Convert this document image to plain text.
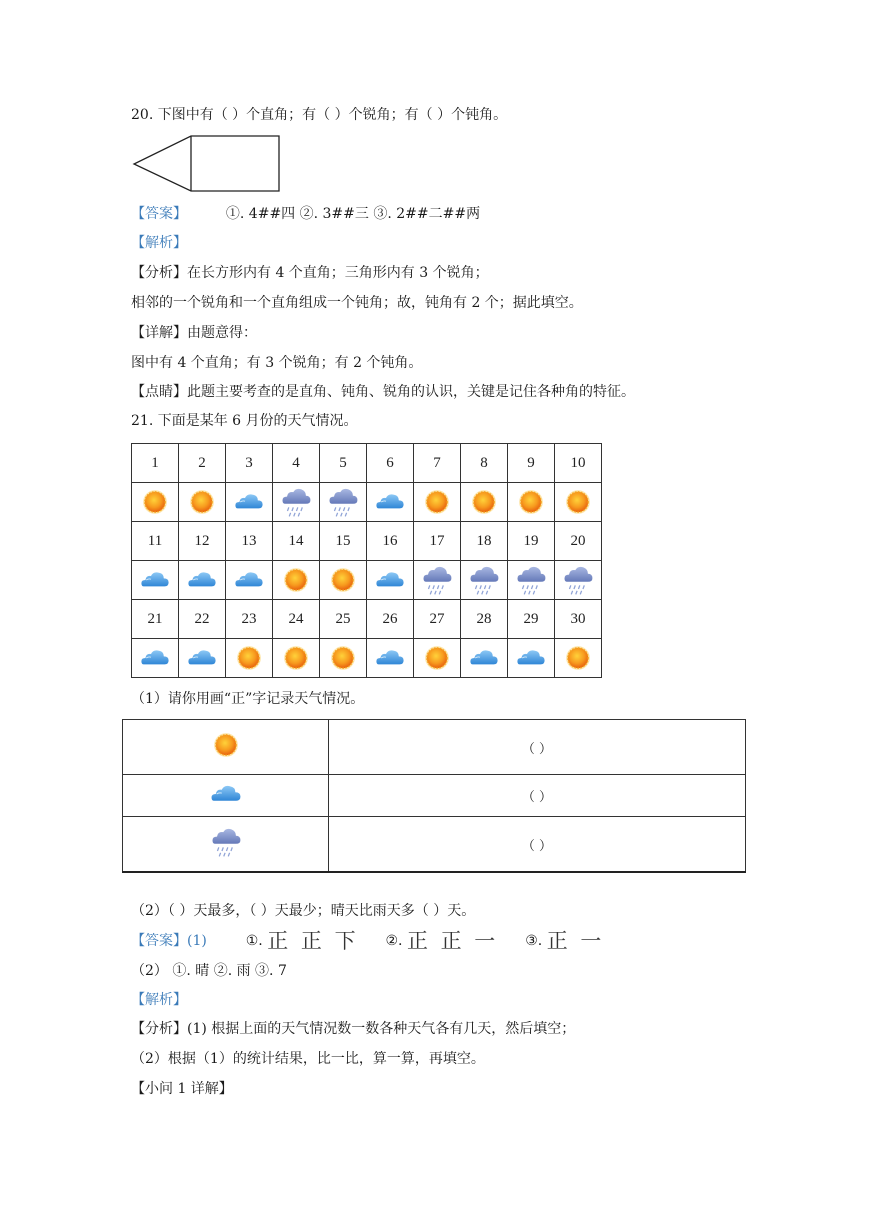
20. 下图中有（ ）个直角；有（ ）个锐角；有（ ）个钝角。
【答案】	①. 4##四 ②. 3##三 ③. 2##二##两
【解析】
【分析】在长方形内有 4 个直角；三角形内有 3 个锐角；
相邻的一个锐角和一个直角组成一个钝角；故，钝角有 2 个；据此填空。
【详解】由题意得：
图中有 4 个直角；有 3 个锐角；有 2 个钝角。
【点睛】此题主要考查的是直角、钝角、锐角的认识，关键是记住各种角的特征。
21. 下面是某年 6 月份的天气情况。
1	2	3	4	5	6	7	8	9	10

11	12	13	14	15	16	17	18	19	20

21	22	23	24	25	26	27	28	29	30

（1）请你用画“正”字记录天气情况。
	（ ）
	（ ）
	（ ）
（2）（ ）天最多，（ ）天最少；晴天比雨天多（ ）天。
【答案】(1)	①. 正 正 下 ②. 正 正 一 ③. 正 一
（2） ①. 晴 ②. 雨 ③. 7
【解析】
【分析】(1) 根据上面的天气情况数一数各种天气各有几天，然后填空；
（2）根据（1）的统计结果，比一比，算一算，再填空。
【小问 1 详解】
